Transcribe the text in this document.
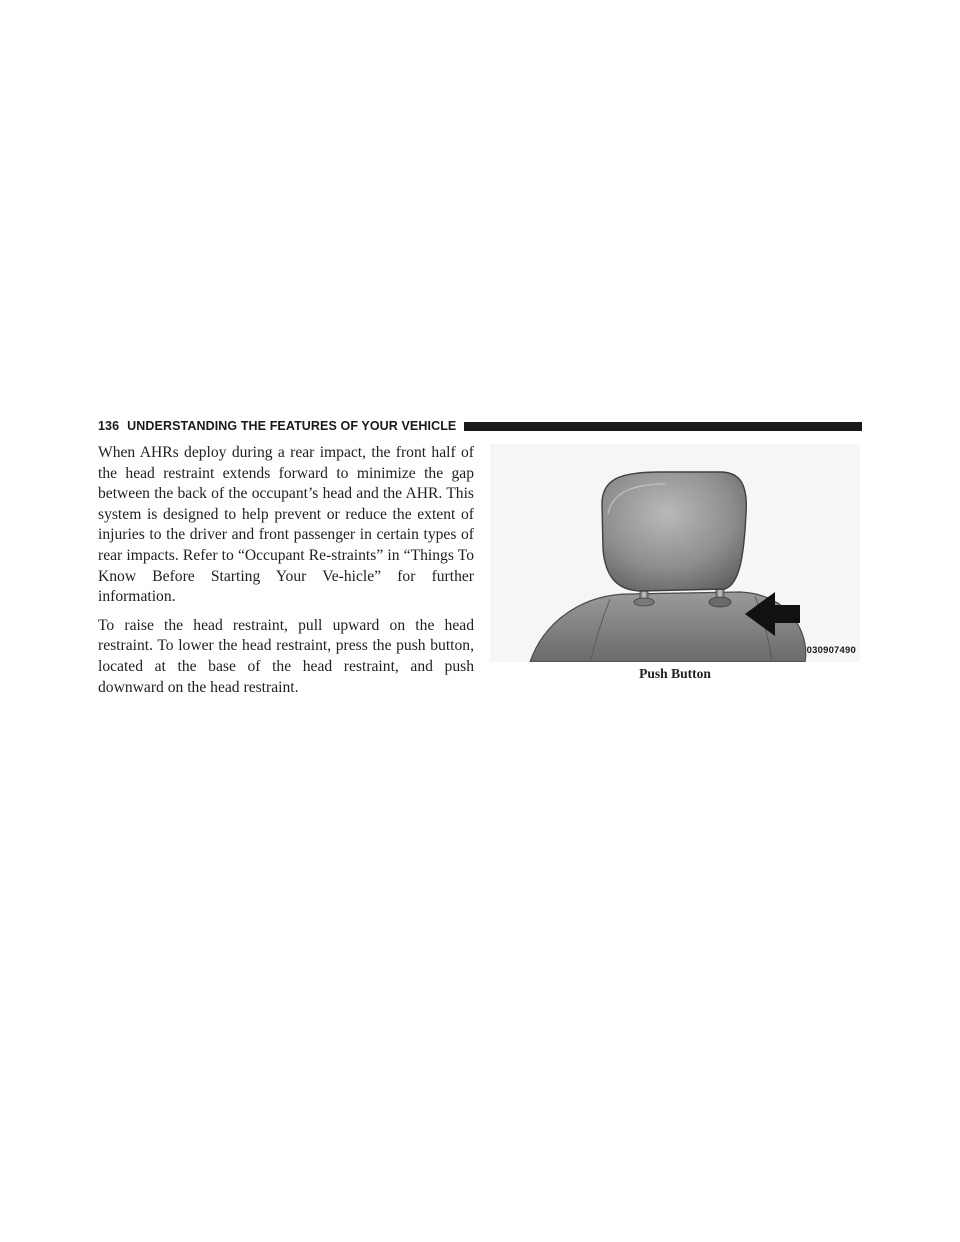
136 UNDERSTANDING THE FEATURES OF YOUR VEHICLE

When AHRs deploy during a rear impact, the front half of the head restraint extends forward to minimize the gap between the back of the occupant’s head and the AHR. This system is designed to help prevent or reduce the extent of injuries to the driver and front passenger in certain types of rear impacts. Refer to “Occupant Re-straints” in “Things To Know Before Starting Your Ve-hicle” for further information.

To raise the head restraint, pull upward on the head restraint. To lower the head restraint, press the push button, located at the base of the head restraint, and push downward on the head restraint.

030907490
Push Button
